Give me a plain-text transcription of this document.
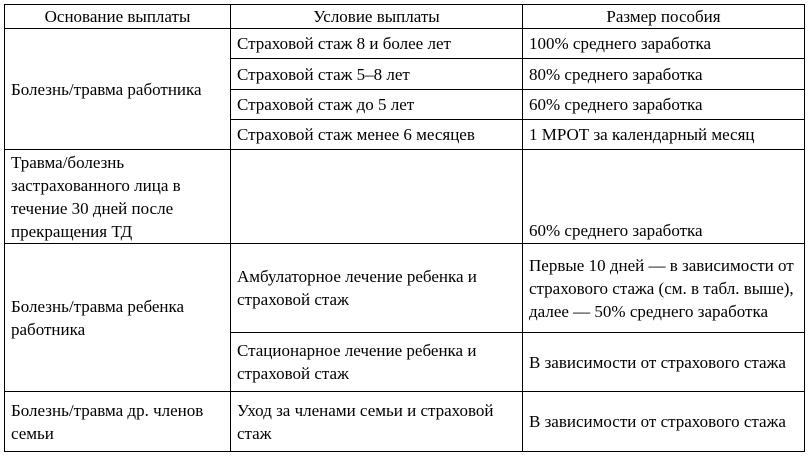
Основание выплаты	Условие выплаты	Размер пособия
Болезнь/травма работника	Страховой стаж 8 и более лет	100% среднего заработка
	Страховой стаж 5–8 лет	80% среднего заработка
	Страховой стаж до 5 лет	60% среднего заработка
	Страховой стаж менее 6 месяцев	1 МРОТ за календарный месяц
Травма/болезнь застрахованного лица в течение 30 дней после прекращения ТД		60% среднего заработка
Болезнь/травма ребенка работника	Амбулаторное лечение ребенка и страховой стаж	Первые 10 дней — в зависимости от страхового стажа (см. в табл. выше), далее — 50% среднего заработка
	Стационарное лечение ребенка и страховой стаж	В зависимости от страхового стажа
Болезнь/травма др. членов семьи	Уход за членами семьи и страховой стаж	В зависимости от страхового стажа
